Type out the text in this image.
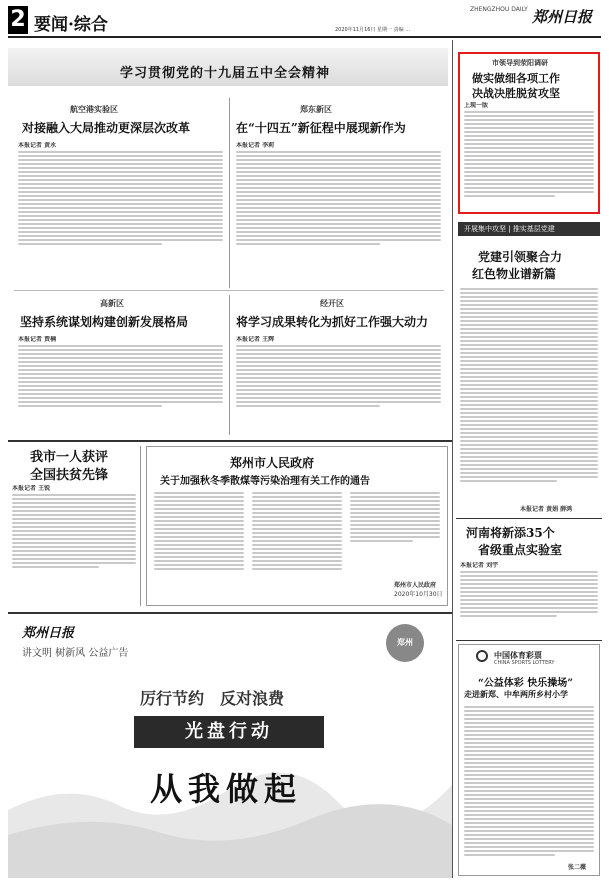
2 要闻·综合
ZHENGZHOU DAILY 郑州日报
2020年11月16日 星期一 责编 …
学习贯彻党的十九届五中全会精神
航空港实验区
对接融入大局推动更深层次改革
本报记者 黄永
郑东新区
在“十四五”新征程中展现新作为
本报记者 李莉
高新区
坚持系统谋划构建创新发展格局
本报记者 贾楠
经开区
将学习成果转化为抓好工作强大动力
本报记者 王辉
我市一人获评
全国扶贫先锋
本报记者 王锐
郑州市人民政府
关于加强秋冬季散煤等污染治理有关工作的通告
郑州市人民政府
2020年10月30日
郑州日报
讲文明 树新风 公益广告
郑州
厉行节约　反对浪费
光盘行动
从我做起
市领导到荥阳调研
做实做细各项工作
决战决胜脱贫攻坚
上现一版
开展集中攻坚 | 推实基层党建
党建引领聚合力
红色物业谱新篇
本报记者 黄娟 薛鸿
河南将新添35个
省级重点实验室
本报记者 刘宇
中国体育彩票
CHINA SPORTS LOTTERY
“公益体彩 快乐操场”
走进新郑、中牟两所乡村小学
张二薇
